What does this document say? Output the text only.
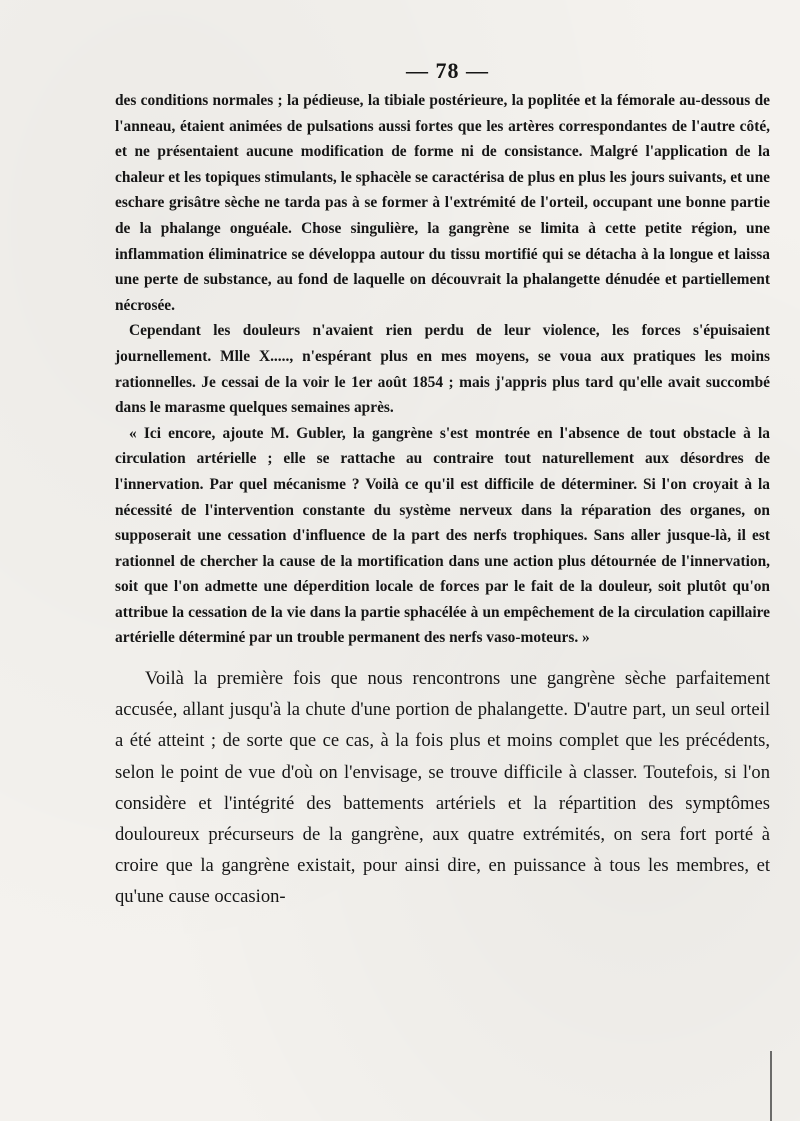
— 78 —

des conditions normales ; la pédieuse, la tibiale postérieure, la poplitée et la fémorale au-dessous de l'anneau, étaient animées de pulsations aussi fortes que les artères correspondantes de l'autre côté, et ne présentaient aucune modification de forme ni de consistance. Malgré l'application de la chaleur et les topiques stimulants, le sphacèle se caractérisa de plus en plus les jours suivants, et une eschare grisâtre sèche ne tarda pas à se former à l'extrémité de l'orteil, occupant une bonne partie de la phalange onguéale. Chose singulière, la gangrène se limita à cette petite région, une inflammation éliminatrice se développa autour du tissu mortifié qui se détacha à la longue et laissa une perte de substance, au fond de laquelle on découvrait la phalangette dénudée et partiellement nécrosée.

Cependant les douleurs n'avaient rien perdu de leur violence, les forces s'épuisaient journellement. Mlle X....., n'espérant plus en mes moyens, se voua aux pratiques les moins rationnelles. Je cessai de la voir le 1er août 1854 ; mais j'appris plus tard qu'elle avait succombé dans le marasme quelques semaines après.

« Ici encore, ajoute M. Gubler, la gangrène s'est montrée en l'absence de tout obstacle à la circulation artérielle ; elle se rattache au contraire tout naturellement aux désordres de l'innervation. Par quel mécanisme ? Voilà ce qu'il est difficile de déterminer. Si l'on croyait à la nécessité de l'intervention constante du système nerveux dans la réparation des organes, on supposerait une cessation d'influence de la part des nerfs trophiques. Sans aller jusque-là, il est rationnel de chercher la cause de la mortification dans une action plus détournée de l'innervation, soit que l'on admette une déperdition locale de forces par le fait de la douleur, soit plutôt qu'on attribue la cessation de la vie dans la partie sphacélée à un empêchement de la circulation capillaire artérielle déterminé par un trouble permanent des nerfs vaso-moteurs. »

Voilà la première fois que nous rencontrons une gangrène sèche parfaitement accusée, allant jusqu'à la chute d'une portion de phalangette. D'autre part, un seul orteil a été atteint ; de sorte que ce cas, à la fois plus et moins complet que les précédents, selon le point de vue d'où on l'envisage, se trouve difficile à classer. Toutefois, si l'on considère et l'intégrité des battements artériels et la répartition des symptômes douloureux précurseurs de la gangrène, aux quatre extrémités, on sera fort porté à croire que la gangrène existait, pour ainsi dire, en puissance à tous les membres, et qu'une cause occasion-
